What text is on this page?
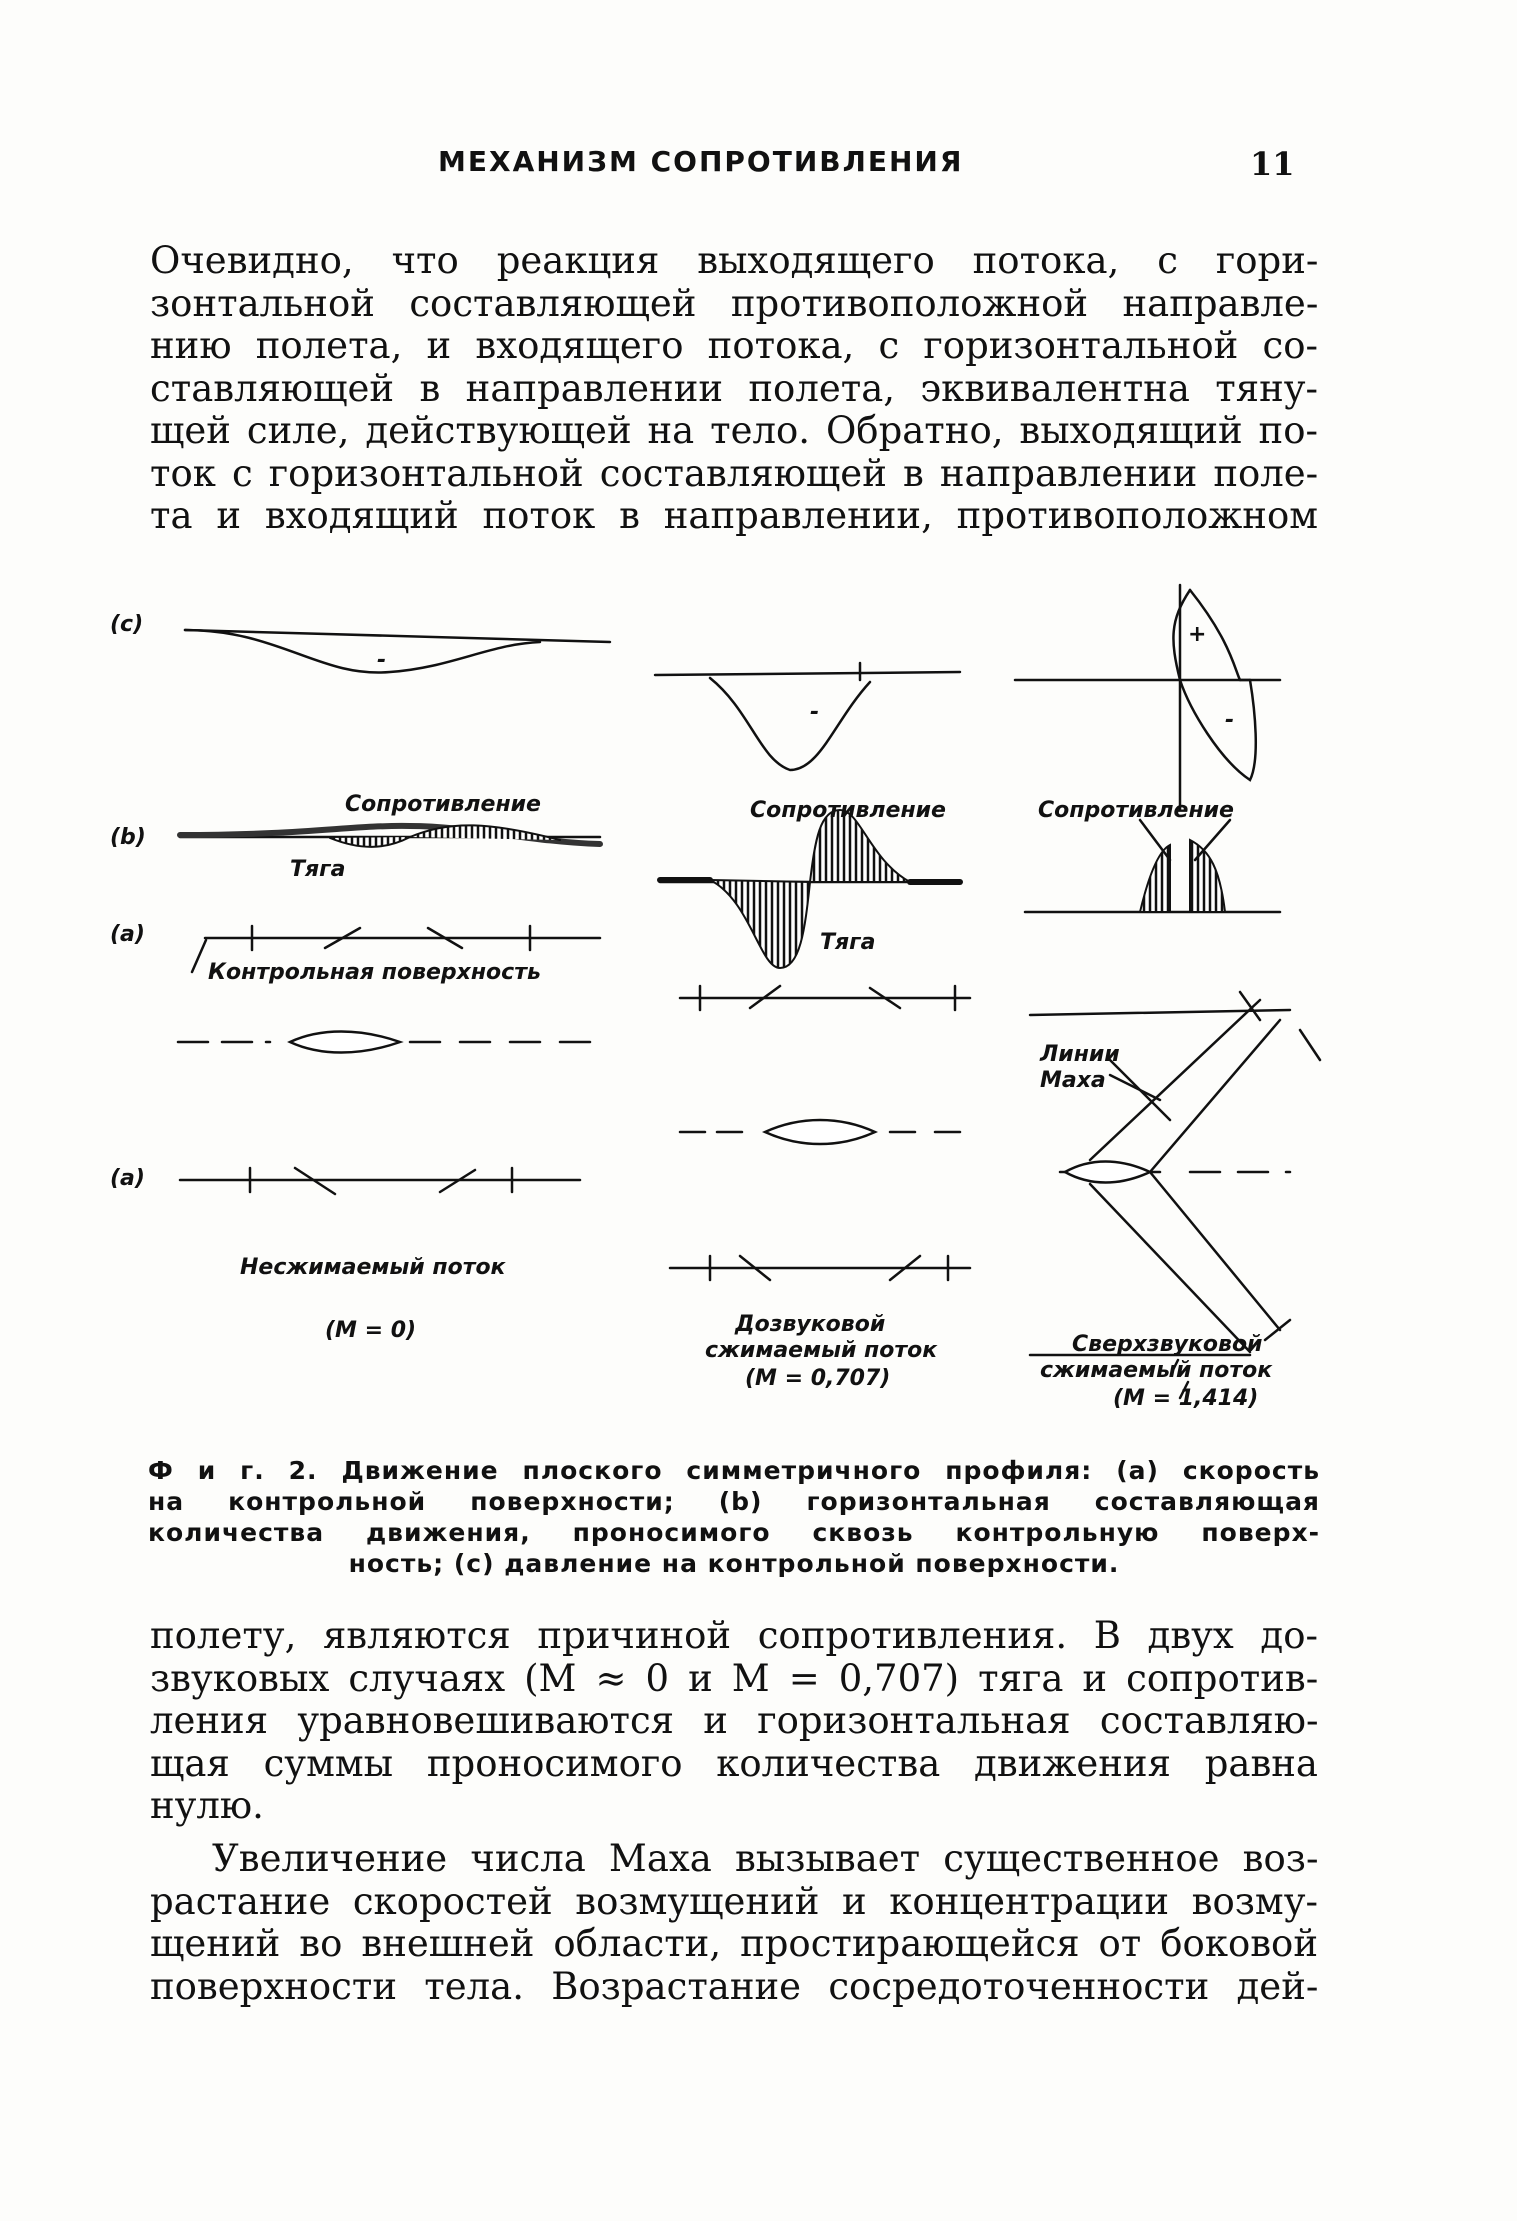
МЕХАНИЗМ СОПРОТИВЛЕНИЯ	11
Очевидно, что реакция выходящего потока, с гори-
зонтальной составляющей противоположной направле-
нию полета, и входящего потока, с горизонтальной со-
ставляющей в направлении полета, эквивалентна тяну-
щей силе, действующей на тело. Обратно, выходящий по-
ток с горизонтальной составляющей в направлении поле-
та и входящий поток в направлении, противоположном
-
-
+
-
(c)
(b)
(a)
(a)
Сопротивление
Тяга
Контрольная поверхность
Несжимаемый поток
(M = 0)
Сопротивление
Тяга
Дозвуковой
сжимаемый поток
(M = 0,707)
Сопротивление
Линии
Маха
Сверхзвуковой
сжимаемый поток
(M = 1,414)
Ф и г. 2. Движение плоского симметричного профиля: (a) скорость
на контрольной поверхности; (b) горизонтальная составляющая
количества движения, проносимого сквозь контрольную поверх-
ность; (c) давление на контрольной поверхности.
полету, являются причиной сопротивления. В двух до-
звуковых случаях (M ≈ 0 и M = 0,707) тяга и сопротив-
ления уравновешиваются и горизонтальная составляю-
щая суммы проносимого количества движения равна
нулю.
Увеличение числа Маха вызывает существенное воз-
растание скоростей возмущений и концентрации возму-
щений во внешней области, простирающейся от боковой
поверхности тела. Возрастание сосредоточенности дей-
